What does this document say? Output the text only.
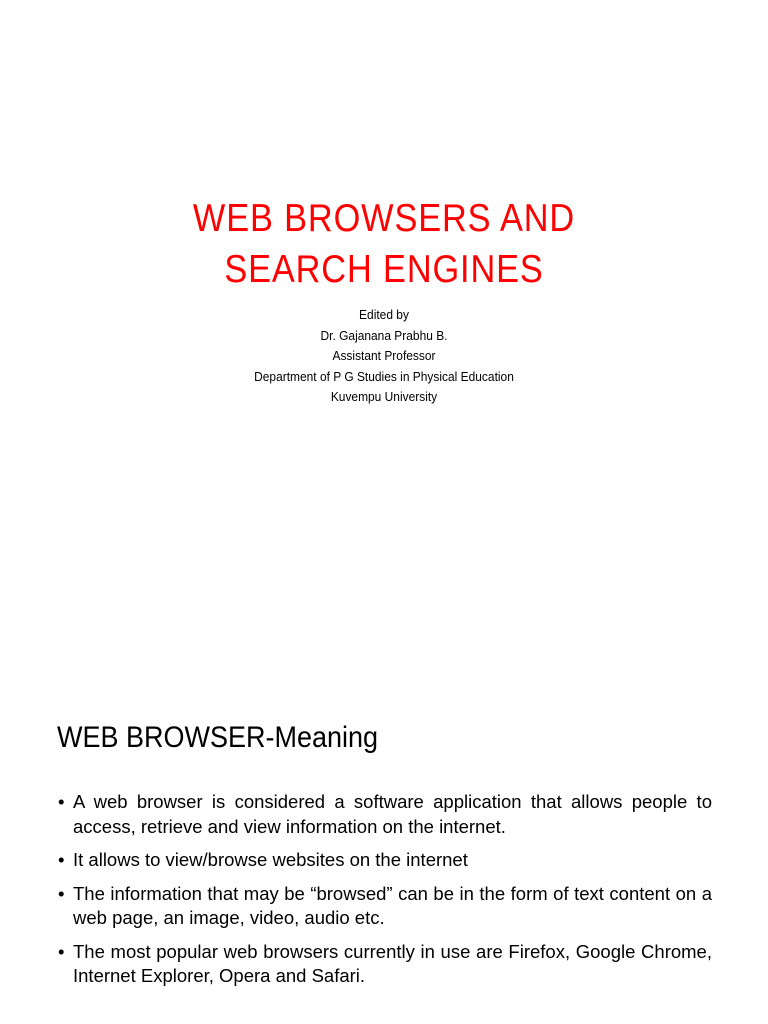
WEB BROWSERS AND
SEARCH ENGINES
Edited by
Dr. Gajanana Prabhu B.
Assistant Professor
Department of P G Studies in Physical Education
Kuvempu University
WEB BROWSER-Meaning
• A web browser is considered a software application that allows people to access, retrieve and view information on the internet.
• It allows to view/browse websites on the internet
• The information that may be “browsed” can be in the form of text content on a web page, an image, video, audio etc.
• The most popular web browsers currently in use are Firefox, Google Chrome, Internet Explorer, Opera and Safari.
